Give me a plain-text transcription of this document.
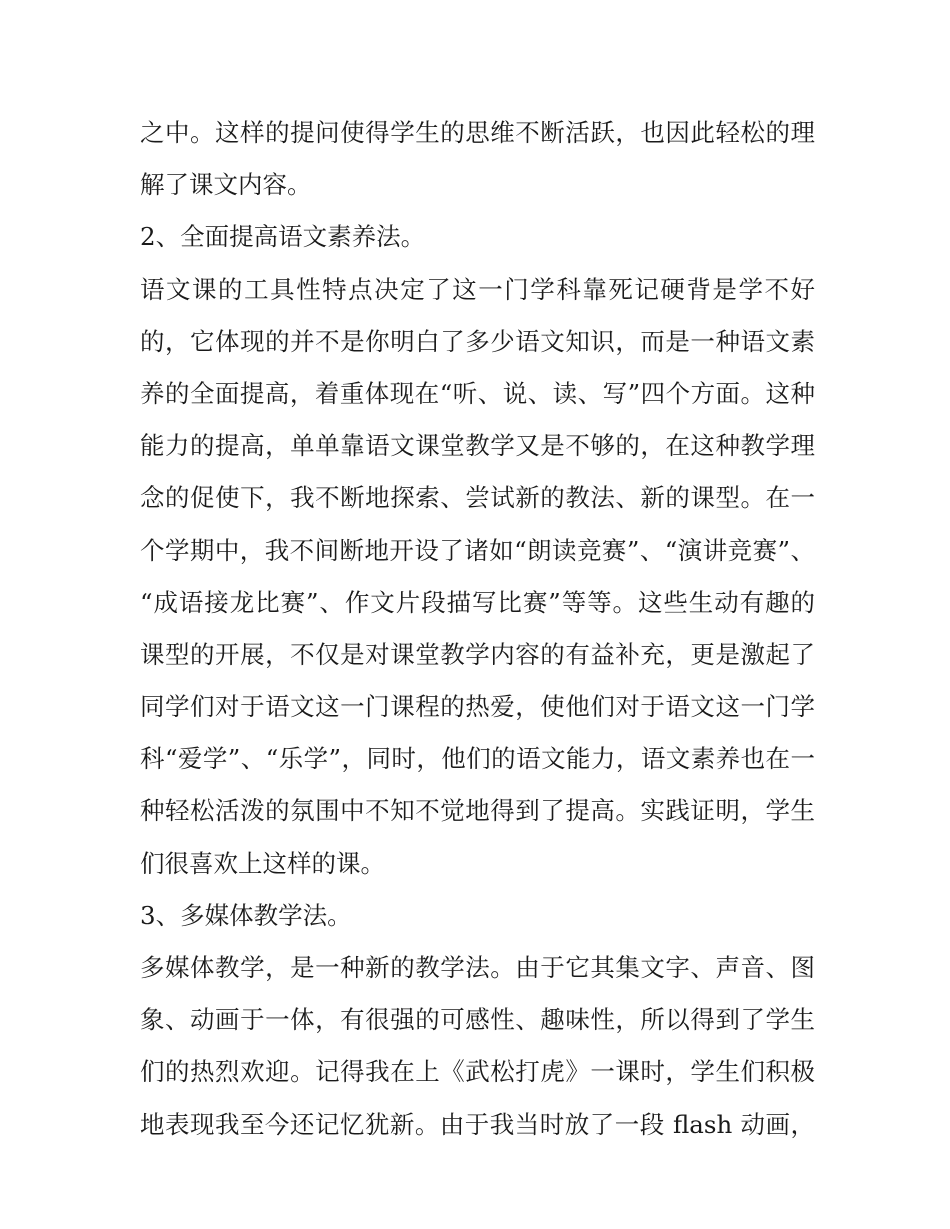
之中。这样的提问使得学生的思维不断活跃，也因此轻松的理
解了课文内容。
2、全面提高语文素养法。
语文课的工具性特点决定了这一门学科靠死记硬背是学不好
的，它体现的并不是你明白了多少语文知识，而是一种语文素
养的全面提高，着重体现在“听、说、读、写”四个方面。这种
能力的提高，单单靠语文课堂教学又是不够的，在这种教学理
念的促使下，我不断地探索、尝试新的教法、新的课型。在一
个学期中，我不间断地开设了诸如“朗读竞赛”、“演讲竞赛”、
“成语接龙比赛”、作文片段描写比赛”等等。这些生动有趣的
课型的开展，不仅是对课堂教学内容的有益补充，更是激起了
同学们对于语文这一门课程的热爱，使他们对于语文这一门学
科“爱学”、“乐学”，同时，他们的语文能力，语文素养也在一
种轻松活泼的氛围中不知不觉地得到了提高。实践证明，学生
们很喜欢上这样的课。
3、多媒体教学法。
多媒体教学，是一种新的教学法。由于它其集文字、声音、图
象、动画于一体，有很强的可感性、趣味性，所以得到了学生
们的热烈欢迎。记得我在上《武松打虎》一课时，学生们积极
地表现我至今还记忆犹新。由于我当时放了一段 flash 动画，
